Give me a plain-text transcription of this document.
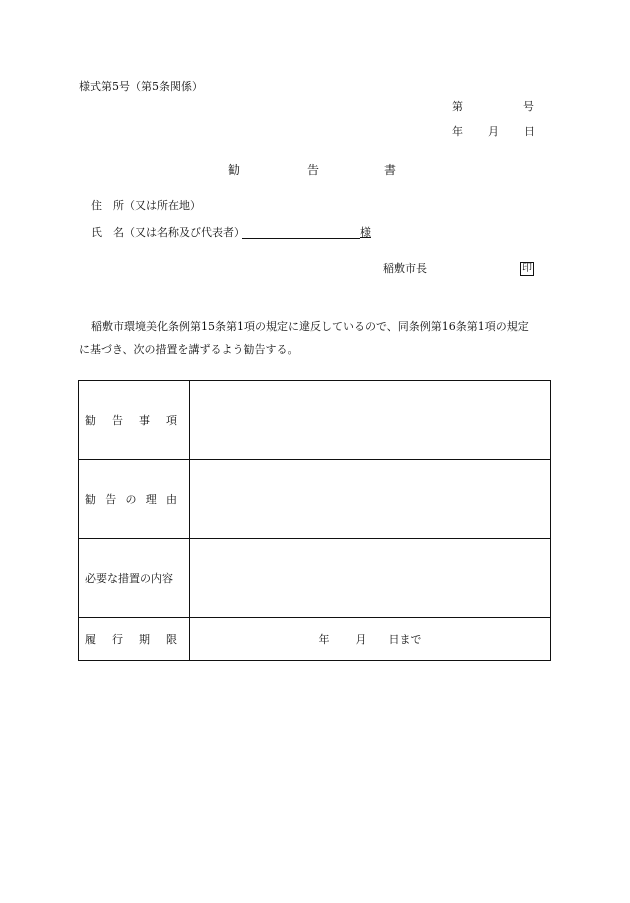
様式第5号（第5条関係）
第	号
年 月 日
勧	告	書
住　所（又は所在地）
氏　名（又は名称及び代表者）	様
稲敷市長	印
稲敷市環境美化条例第15条第1項の規定に違反しているので、同条例第16条第1項の規定
に基づき、次の措置を講ずるよう勧告する。
勧 告 事 項	

勧 告 の 理 由	

必要な措置の内容	

履 行 期 限	年 月 日まで
